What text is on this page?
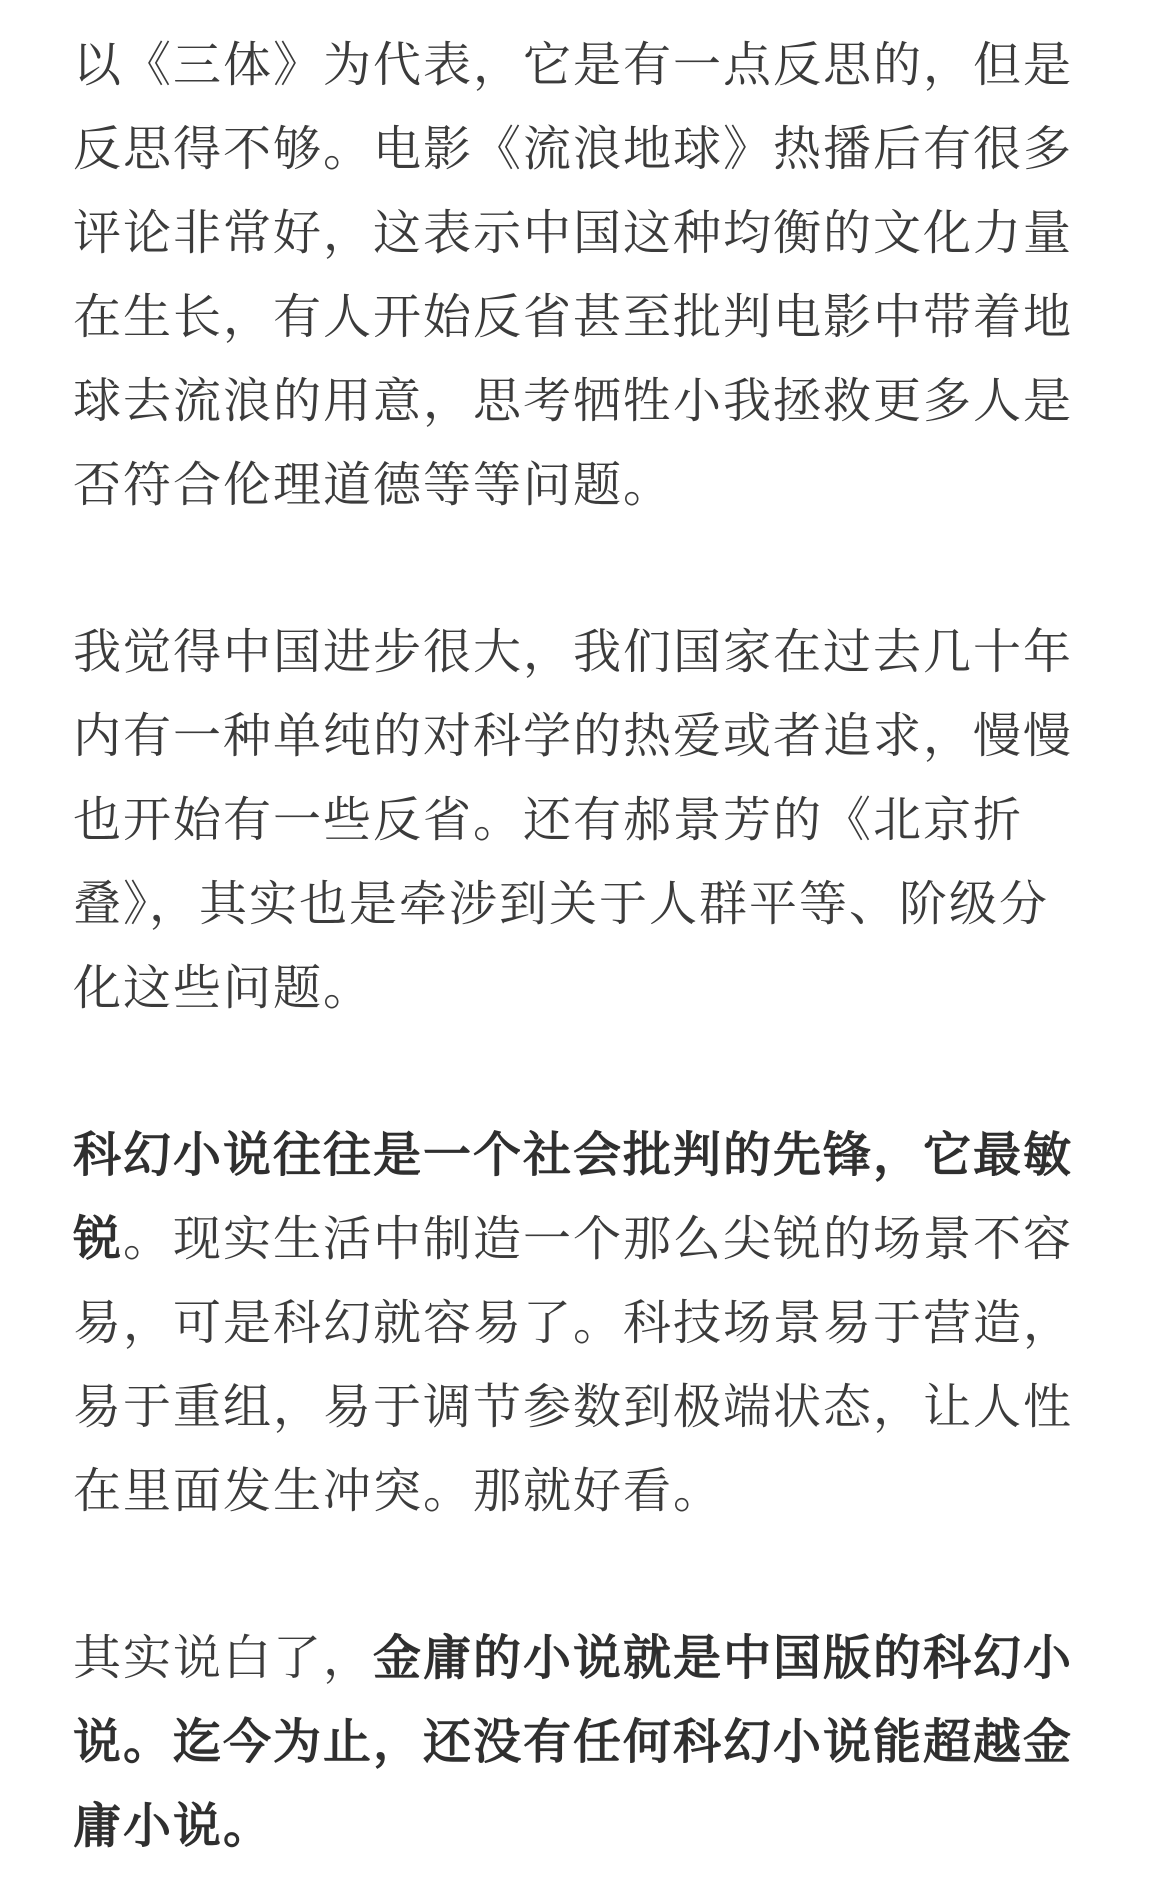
以《三体》为代表，它是有一点反思的，但是反思得不够。电影《流浪地球》热播后有很多评论非常好，这表示中国这种均衡的文化力量在生长，有人开始反省甚至批判电影中带着地球去流浪的用意，思考牺牲小我拯救更多人是否符合伦理道德等等问题。

我觉得中国进步很大，我们国家在过去几十年内有一种单纯的对科学的热爱或者追求，慢慢也开始有一些反省。还有郝景芳的《北京折叠》，其实也是牵涉到关于人群平等、阶级分化这些问题。

科幻小说往往是一个社会批判的先锋，它最敏锐。现实生活中制造一个那么尖锐的场景不容易，可是科幻就容易了。科技场景易于营造，易于重组，易于调节参数到极端状态，让人性在里面发生冲突。那就好看。

其实说白了，金庸的小说就是中国版的科幻小说。迄今为止，还没有任何科幻小说能超越金庸小说。
